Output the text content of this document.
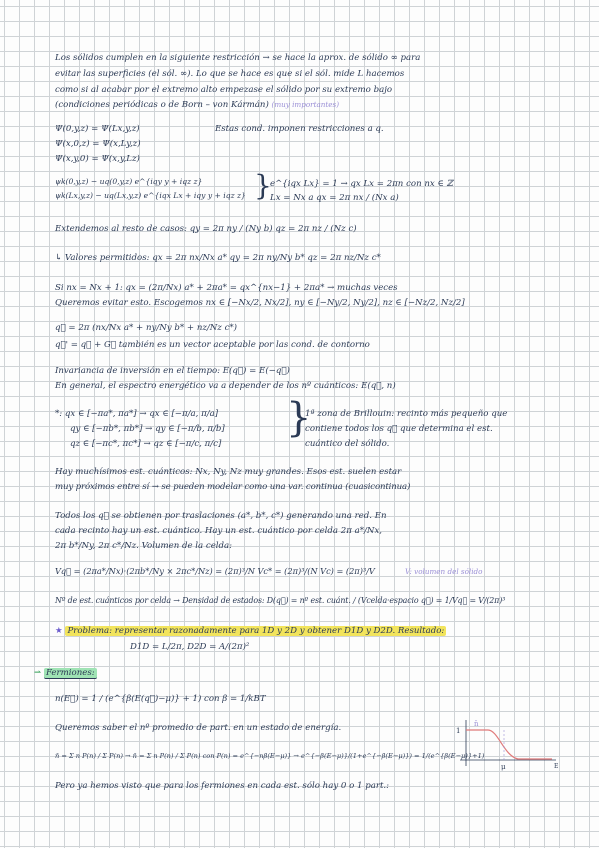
Los sólidos cumplen en la siguiente restricción → se hace la aprox. de sólido ∞ para
evitar las superficies (el sól. ∞). Lo que se hace es que si el sól. mide L hacemos
como si al acabar por el extremo alto empezase el sólido por su extremo bajo
(condiciones periódicas o de Born – von Kármán) (muy importantes)
Ψ(0,y,z) = Ψ(Lx,y,z)	Estas cond. imponen restricciones a q.
Ψ(x,0,z) = Ψ(x,Ly,z)
Ψ(x,y,0) = Ψ(x,y,Lz)
ψk(0,y,z) − uq(0,y,z) e^{iqy y + iqz z}
ψk(Lx,y,z) − uq(Lx,y,z) e^{iqx Lx + iqy y + iqz z} }
e^{iqx Lx} = 1 → qx Lx = 2πn con nx ∈ ℤ
Lx = Nx a qx = 2π nx / (Nx a)
Extendemos al resto de casos: qy = 2π ny / (Ny b) qz = 2π nz / (Nz c)
↳ Valores permitidos: qx = 2π nx/Nx a* qy = 2π ny/Ny b* qz = 2π nz/Nz c*
Si nx = Nx + 1: qx = (2π/Nx) a* + 2πa* = qx^{nx−1} + 2πa* → muchas veces
Queremos evitar esto. Escogemos nx ∈ [−Nx/2, Nx/2], ny ∈ [−Ny/2, Ny/2], nz ∈ [−Nz/2, Nz/2]
q⃗ = 2π (nx/Nx a* + ny/Ny b* + nz/Nz c*)
q⃗' = q⃗ + G⃗ también es un vector aceptable por las cond. de contorno
Invariancia de inversión en el tiempo: E(q⃗) = E(−q⃗)
En general, el espectro energético va a depender de los nº cuánticos: E(q⃗, n)
*: qx ∈ [−πa*, πa*] → qx ∈ [−π/a, π/a]
qy ∈ [−πb*, πb*] → qy ∈ [−π/b, π/b]
qz ∈ [−πc*, πc*] → qz ∈ [−π/c, π/c]
}
1ª zona de Brillouin: recinto más pequeño que
contiene todos los q⃗ que determina el est.
cuántico del sólido.
Hay muchísimos est. cuánticos: Nx, Ny, Nz muy grandes. Esos est. suelen estar
muy próximos entre sí → se pueden modelar como una var. continua (cuasicontinua)
Todos los q⃗ se obtienen por traslaciones (a*, b*, c*) generando una red. En
cada recinto hay un est. cuántico. Hay un est. cuántico por celda 2π a*/Nx,
2π b*/Ny, 2π c*/Nz. Volumen de la celda:
Vq⃗ = (2πa*/Nx)·(2πb*/Ny × 2πc*/Nz) = (2π)³/N Vc* = (2π)³/(N Vc) = (2π)³/V	V: volumen del sólido
Nº de est. cuánticos por celda → Densidad de estados: D(q⃗) = nº est. cuánt. / (Vcelda·espacio q⃗) = 1/Vq⃗ = V/(2π)³
★ Problema: representar razonadamente para 1D y 2D y obtener D1D y D2D. Resultado:
D1D = L/2π, D2D = A/(2π)²
⇀ Fermiones:
n(E⃗) = 1 / (e^{β(E(q⃗)−μ)} + 1) con β = 1/kBT
Queremos saber el nº promedio de part. en un estado de energía.
n̄ = Σ n P(n) / Σ P(n) → n̄ = Σ n P(n) / Σ P(n) con P(n) = e^{−nβ(E−μ)} → e^{−β(E−μ)}/(1+e^{−β(E−μ)}) = 1/(e^{β(E−μ)}+1)
Pero ya hemos visto que para los fermiones en cada est. sólo hay 0 o 1 part.:
1
μ	E
n̄
